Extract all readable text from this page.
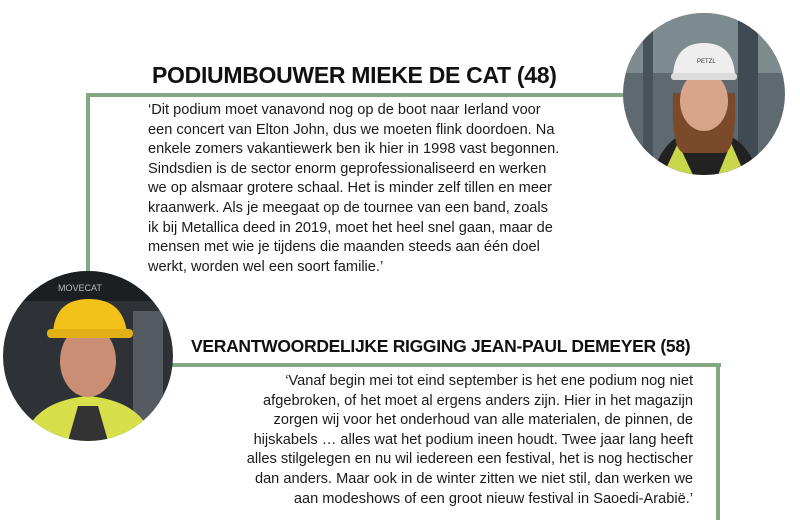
PODIUMBOUWER MIEKE DE CAT (48)
‘Dit podium moet vanavond nog op de boot naar Ierland voor
een concert van Elton John, dus we moeten flink doordoen. Na
enkele zomers vakantiewerk ben ik hier in 1998 vast begonnen.
Sindsdien is de sector enorm geprofessionaliseerd en werken
we op alsmaar grotere schaal. Het is minder zelf tillen en meer
kraanwerk. Als je meegaat op de tournee van een band, zoals
ik bij Metallica deed in 2019, moet het heel snel gaan, maar de
mensen met wie je tijdens die maanden steeds aan één doel
werkt, worden wel een soort familie.’
PETZL
VERANTWOORDELIJKE RIGGING JEAN-PAUL DEMEYER (58)
‘Vanaf begin mei tot eind september is het ene podium nog niet
afgebroken, of het moet al ergens anders zijn. Hier in het magazijn
zorgen wij voor het onderhoud van alle materialen, de pinnen, de
hijskabels … alles wat het podium ineen houdt. Twee jaar lang heeft
alles stilgelegen en nu wil iedereen een festival, het is nog hectischer
dan anders. Maar ook in de winter zitten we niet stil, dan werken we
aan modeshows of een groot nieuw festival in Saoedi-Arabië.’
MOVECAT
